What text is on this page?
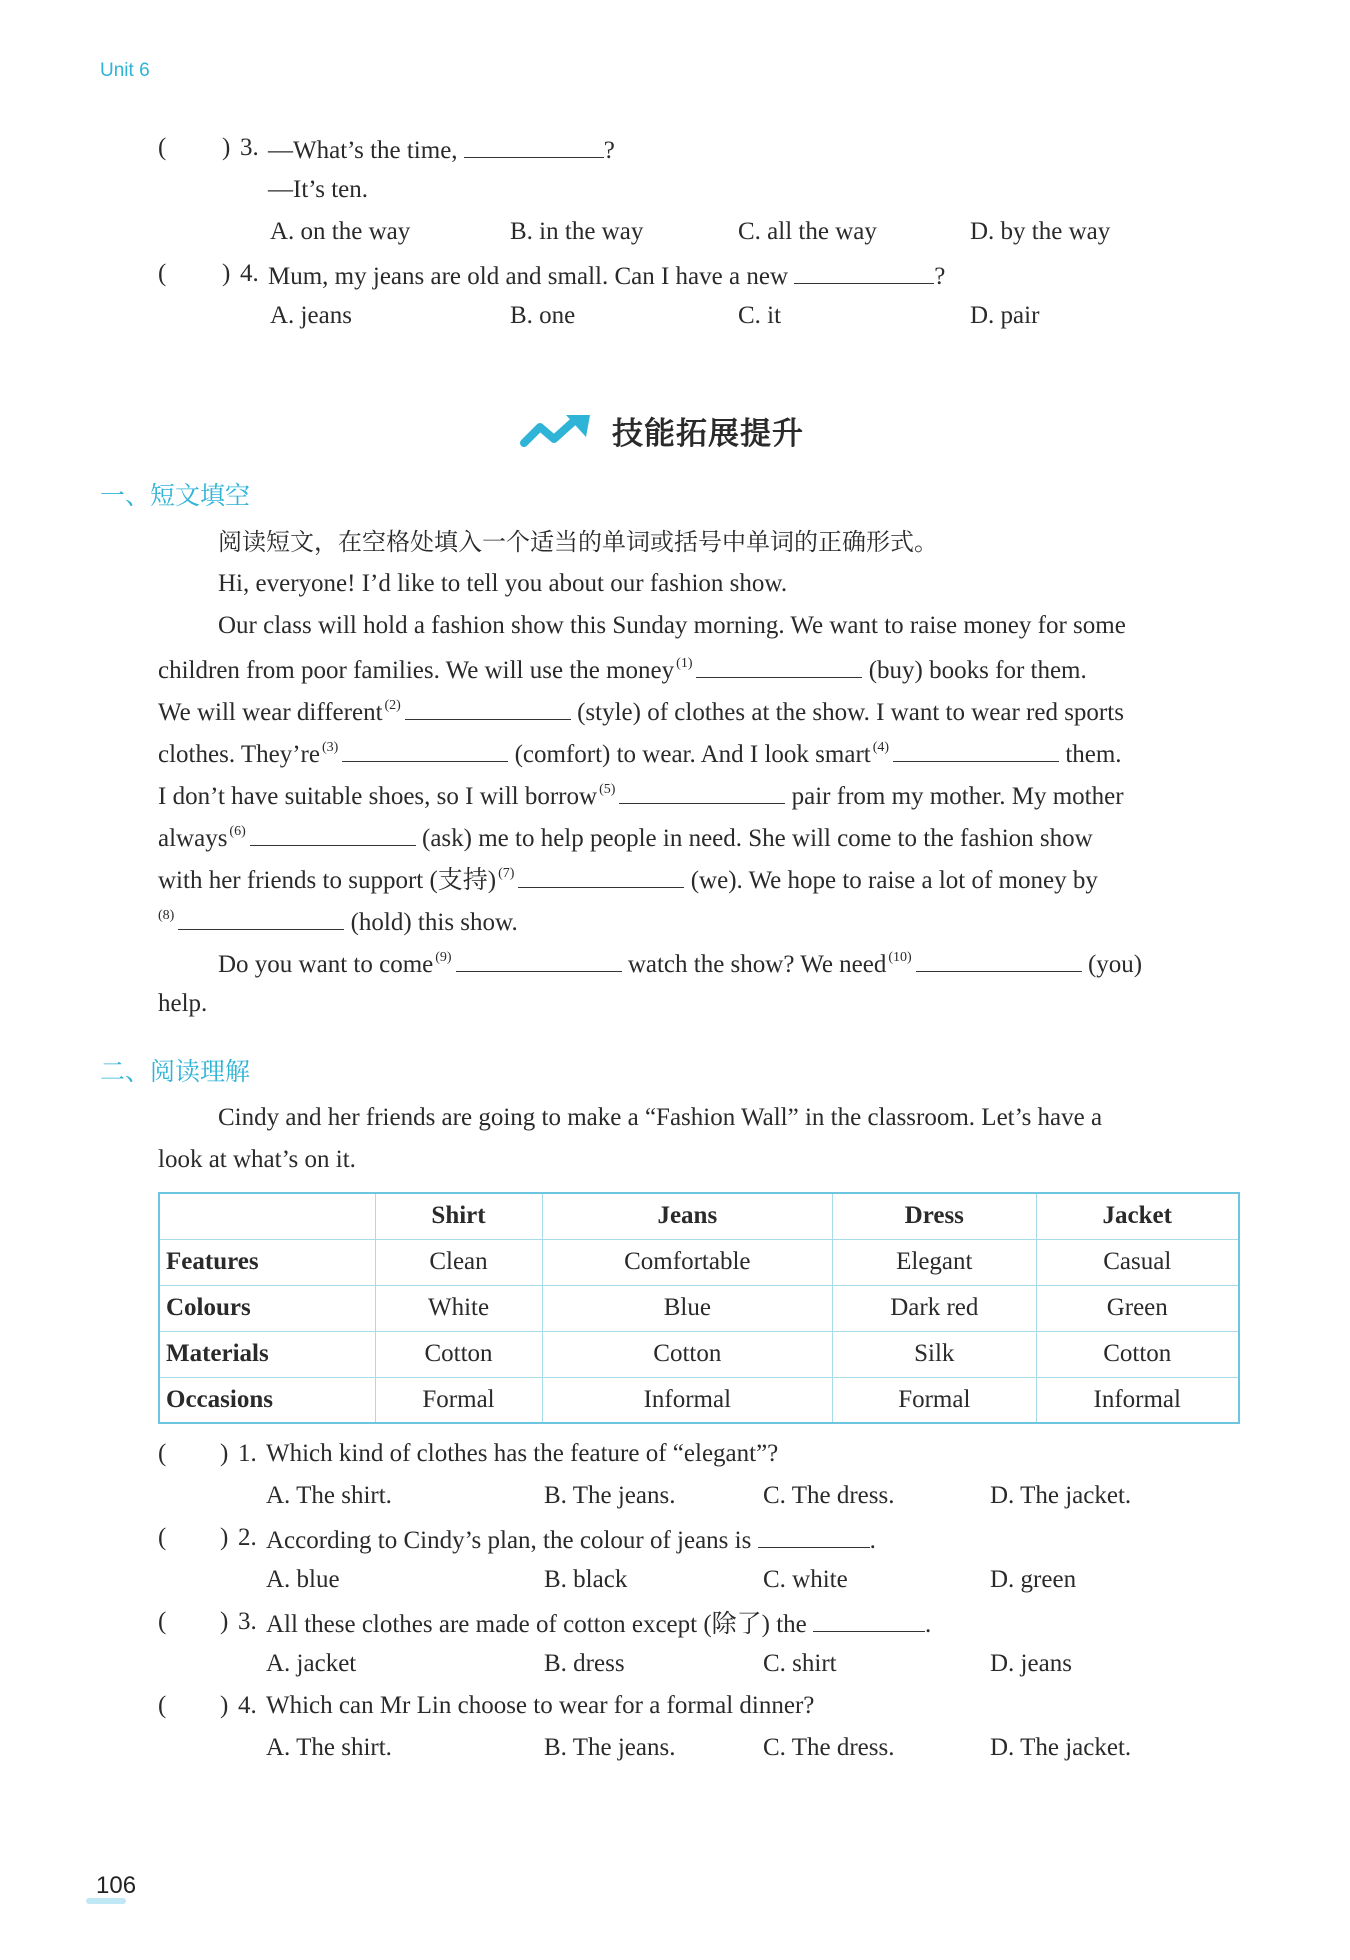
Unit 6
( ) 3. —What’s the time,	?
—It’s ten.
A. on the way	B. in the way	C. all the way	D. by the way
( ) 4. Mum, my jeans are old and small. Can I have a new	?
A. jeans	B. one	C. it	D. pair
技能拓展提升
一、短文填空
阅读短文，在空格处填入一个适当的单词或括号中单词的正确形式。
Hi, everyone! I’d like to tell you about our fashion show.
Our class will hold a fashion show this Sunday morning. We want to raise money for some
children from poor families. We will use the money $^{(1)}$	(buy) books for them.
We will wear different $^{(2)}$	(style) of clothes at the show. I want to wear red sports
clothes. They’re $^{(3)}$	(comfort) to wear. And I look smart $^{(4)}$	them.
I don’t have suitable shoes, so I will borrow $^{(5)}$	pair from my mother. My mother
always $^{(6)}$	(ask) me to help people in need. She will come to the fashion show
with her friends to support (支持) $^{(7)}$	(we). We hope to raise a lot of money by
$^{(8)}$	(hold) this show.
Do you want to come $^{(9)}$	watch the show? We need $^{(10)}$	(you)
help.
二、阅读理解
Cindy and her friends are going to make a “Fashion Wall” in the classroom. Let’s have a
look at what’s on it.
	Shirt	Jeans	Dress	Jacket
Features	Clean	Comfortable	Elegant	Casual
Colours	White	Blue	Dark red	Green
Materials	Cotton	Cotton	Silk	Cotton
Occasions	Formal	Informal	Formal	Informal
( ) 1. Which kind of clothes has the feature of “elegant”?
A. The shirt.	B. The jeans.	C. The dress.	D. The jacket.
( ) 2. According to Cindy’s plan, the colour of jeans is	.
A. blue	B. black	C. white	D. green
( ) 3. All these clothes are made of cotton except (除了) the	.
A. jacket	B. dress	C. shirt	D. jeans
( ) 4. Which can Mr Lin choose to wear for a formal dinner?
A. The shirt.	B. The jeans.	C. The dress.	D. The jacket.
106
